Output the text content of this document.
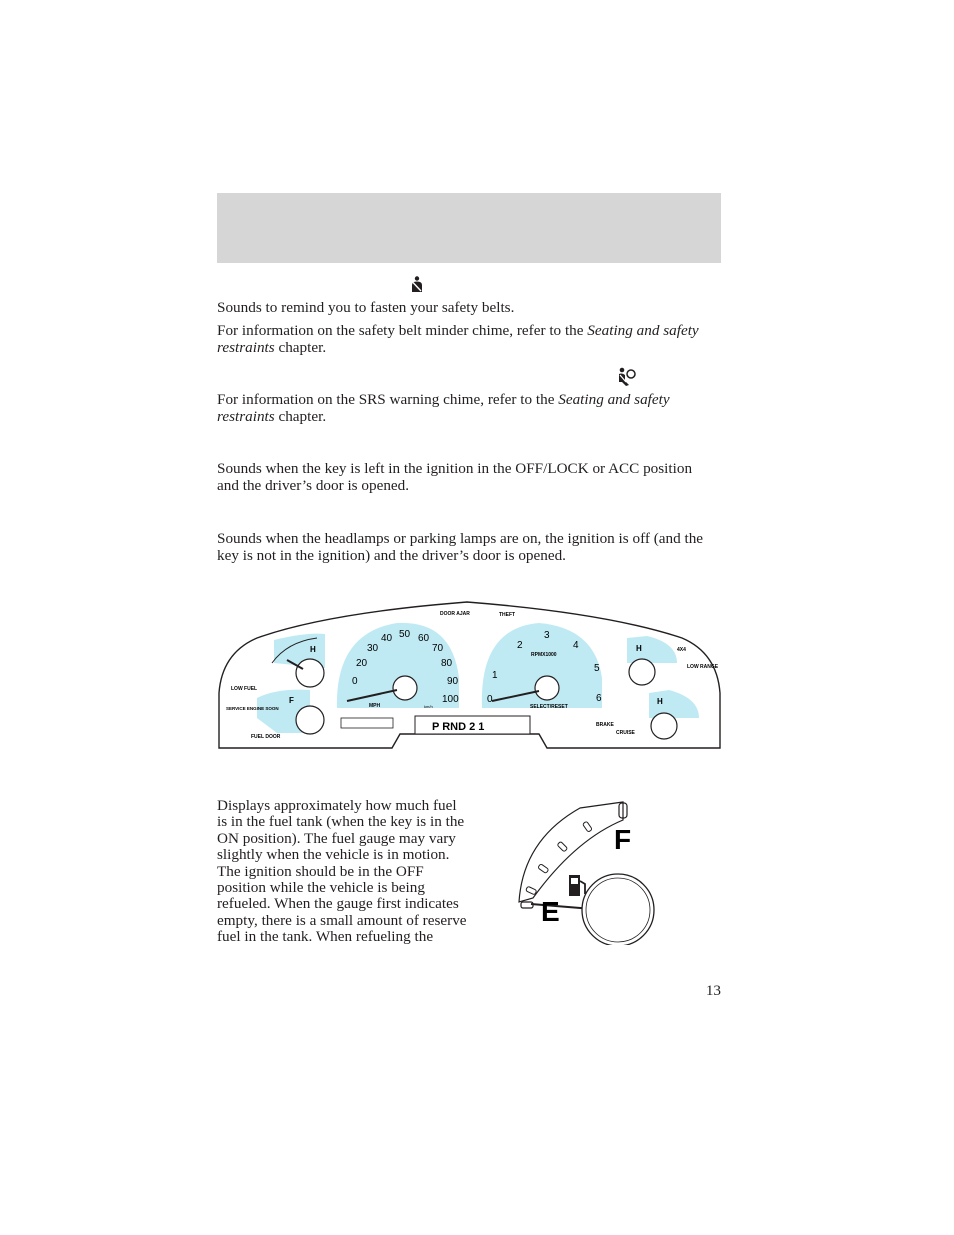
Sounds to remind you to fasten your safety belts.

For information on the safety belt minder chime, refer to the Seating and safety restraints chapter.

For information on the SRS warning chime, refer to the Seating and safety restraints chapter.

Sounds when the key is left in the ignition in the OFF/LOCK or ACC position and the driver’s door is opened.

Sounds when the headlamps or parking lamps are on, the ignition is off (and the key is not in the ignition) and the driver’s door is opened.

H
F
LOW FUEL
SERVICE ENGINE SOON
FUEL DOOR
0
20
30
40 50 60
70
80
90
100
MPH	km/h
DOOR AJAR	THEFT
0
1
2
3
4
5
6
RPMX1000
SELECT/RESET
P RND 2 1	BRAKE
CRUISE
H	4X4
LOW RANGE
H

Displays approximately how much fuel is in the fuel tank (when the key is in the ON position). The fuel gauge may vary slightly when the vehicle is in motion. The ignition should be in the OFF position while the vehicle is being refueled. When the gauge first indicates empty, there is a small amount of reserve fuel in the tank. When refueling the

F
E
13
